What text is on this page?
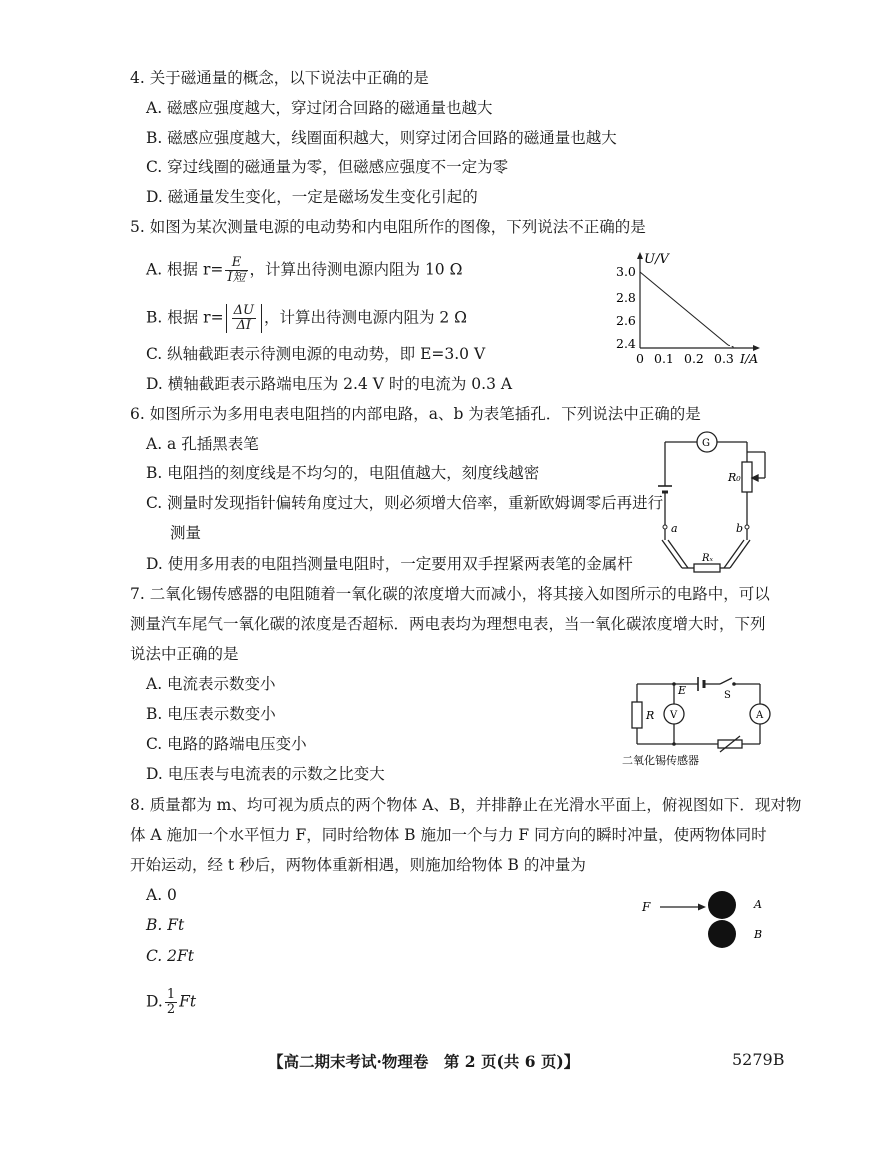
4. 关于磁通量的概念，以下说法中正确的是
A. 磁感应强度越大，穿过闭合回路的磁通量也越大
B. 磁感应强度越大，线圈面积越大，则穿过闭合回路的磁通量也越大
C. 穿过线圈的磁通量为零，但磁感应强度不一定为零
D. 磁通量发生变化，一定是磁场发生变化引起的
5. 如图为某次测量电源的电动势和内电阻所作的图像，下列说法不正确的是
A. 根据 $r= \frac{E}{\text{I短}}$ ，计算出待测电源内阻为 10 Ω
B. 根据 $r= \frac{\Delta U}{\Delta I}$ ，计算出待测电源内阻为 2 Ω
C. 纵轴截距表示待测电源的电动势，即 E=3.0 V
D. 横轴截距表示路端电压为 2.4 V 时的电流为 0.3 A
U/V
3.0
2.8
2.6
2.4
0 0.1 0.2 0.3 I/A
6. 如图所示为多用电表电阻挡的内部电路，a、b 为表笔插孔．下列说法中正确的是
A. a 孔插黑表笔
B. 电阻挡的刻度线是不均匀的，电阻值越大，刻度线越密
C. 测量时发现指针偏转角度过大，则必须增大倍率，重新欧姆调零后再进行
测量
D. 使用多用表的电阻挡测量电阻时，一定要用双手捏紧两表笔的金属杆
G
R₀
a	b
Rₓ
7. 二氧化锡传感器的电阻随着一氧化碳的浓度增大而减小，将其接入如图所示的电路中，可以
测量汽车尾气一氧化碳的浓度是否超标．两电表均为理想电表，当一氧化碳浓度增大时，下列
说法中正确的是
A. 电流表示数变小
B. 电压表示数变小
C. 电路的路端电压变小
D. 电压表与电流表的示数之比变大
E	S
R V	A
二氧化锡传感器
8. 质量都为 m、均可视为质点的两个物体 A、B，并排静止在光滑水平面上，俯视图如下．现对物
体 A 施加一个水平恒力 F，同时给物体 B 施加一个与力 F 同方向的瞬时冲量，使两物体同时
开始运动，经 t 秒后，两物体重新相遇，则施加给物体 B 的冲量为
A. 0
B. Ft
C. 2Ft
D. $\frac{1}{2}$ Ft
F	A
B
【高二期末考试·物理卷　第 2 页(共 6 页)】	5279B
